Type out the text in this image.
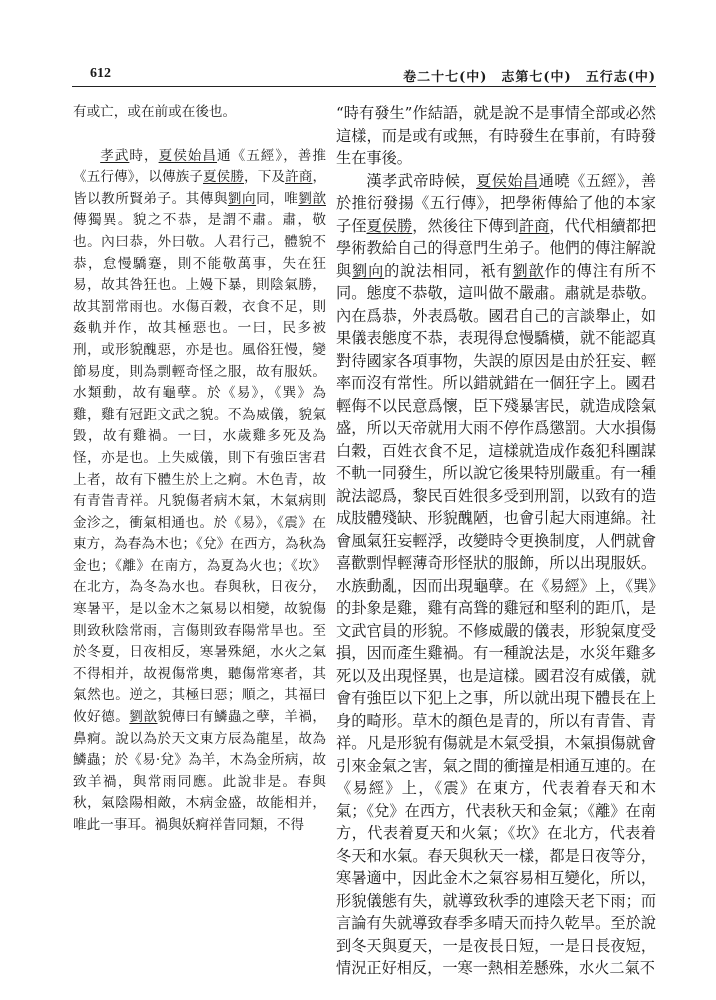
612	卷二十七(中)　志第七(中)　五行志(中)

有或亡，或在前或在後也。

孝武時，夏侯始昌通《五經》，善推《五行傳》，以傳族子夏侯勝，下及許商，皆以教所賢弟子。其傳與劉向同，唯劉歆傳獨異。貌之不恭，是謂不肅。肅，敬也。內曰恭，外曰敬。人君行己，體貌不恭，怠慢驕蹇，則不能敬萬事，失在狂易，故其咎狂也。上嫚下暴，則陰氣勝，故其罰常雨也。水傷百穀，衣食不足，則姦軌并作，故其極惡也。一曰，民多被刑，或形貌醜惡，亦是也。風俗狂慢，變節易度，則為剽輕奇怪之服，故有服妖。水類動，故有龜孽。於《易》，《巽》為雞，雞有冠距文武之貌。不為威儀，貌氣毀，故有雞禍。一曰，水歲雞多死及為怪，亦是也。上失威儀，則下有強臣害君上者，故有下體生於上之痾。木色青，故有青眚青祥。凡貌傷者病木氣，木氣病則金沴之，衝氣相通也。於《易》，《震》在東方，為春為木也；《兌》在西方，為秋為金也；《離》在南方，為夏為火也；《坎》在北方，為冬為水也。春與秋，日夜分，寒暑平，是以金木之氣易以相變，故貌傷則致秋陰常雨，言傷則致春陽常旱也。至於冬夏，日夜相反，寒暑殊絕，水火之氣不得相并，故視傷常奧，聽傷常寒者，其氣然也。逆之，其極曰惡；順之，其福曰攸好德。劉歆貌傳曰有鱗蟲之孽，羊禍，鼻痾。說以為於天文東方辰為龍星，故為鱗蟲；於《易·兌》為羊，木為金所病，故致羊禍，與常雨同應。此說非是。春與秋，氣陰陽相敵，木病金盛，故能相并，唯此一事耳。禍與妖痾祥眚同類，不得

“時有發生”作結語，就是說不是事情全部或必然這樣，而是或有或無，有時發生在事前，有時發生在事後。

漢孝武帝時候，夏侯始昌通曉《五經》，善於推衍發揚《五行傳》，把學術傳給了他的本家子侄夏侯勝，然後往下傳到許商，代代相續都把學術教給自己的得意門生弟子。他們的傳注解說與劉向的說法相同，衹有劉歆作的傳注有所不同。態度不恭敬，這叫做不嚴肅。肅就是恭敬。內在爲恭，外表爲敬。國君自己的言談舉止，如果儀表態度不恭，表現得怠慢驕橫，就不能認真對待國家各項事物，失誤的原因是由於狂妄、輕率而沒有常性。所以錯就錯在一個狂字上。國君輕侮不以民意爲懷，臣下殘暴害民，就造成陰氣盛，所以天帝就用大雨不停作爲懲罰。大水損傷白穀，百姓衣食不足，這樣就造成作姦犯科團謀不軌一同發生，所以說它後果特別嚴重。有一種說法認爲，黎民百姓很多受到刑罰，以致有的造成肢體殘缺、形貌醜陋，也會引起大雨連綿。社會風氣狂妄輕浮，改變時令更換制度，人們就會喜歡剽悍輕薄奇形怪狀的服飾，所以出現服妖。水族動亂，因而出現龜孽。在《易經》上，《巽》的卦象是雞，雞有高聳的雞冠和堅利的距爪，是文武官員的形貌。不修威嚴的儀表，形貌氣度受損，因而產生雞禍。有一種說法是，水災年雞多死以及出現怪異，也是這樣。國君沒有威儀，就會有強臣以下犯上之事，所以就出現下體長在上身的畸形。草木的顏色是青的，所以有青眚、青祥。凡是形貌有傷就是木氣受損，木氣損傷就會引來金氣之害，氣之間的衝撞是相通互連的。在《易經》上，《震》在東方，代表着春天和木氣；《兌》在西方，代表秋天和金氣；《離》在南方，代表着夏天和火氣；《坎》在北方，代表着冬天和水氣。春天與秋天一樣，都是日夜等分，寒暑適中，因此金木之氣容易相互變化，所以，形貌儀態有失，就導致秋季的連陰天老下雨；而言論有失就導致春季多晴天而持久乾旱。至於說到冬天與夏天，一是夜長日短，一是日長夜短，情況正好相反，一寒一熱相差懸殊，水火二氣不
